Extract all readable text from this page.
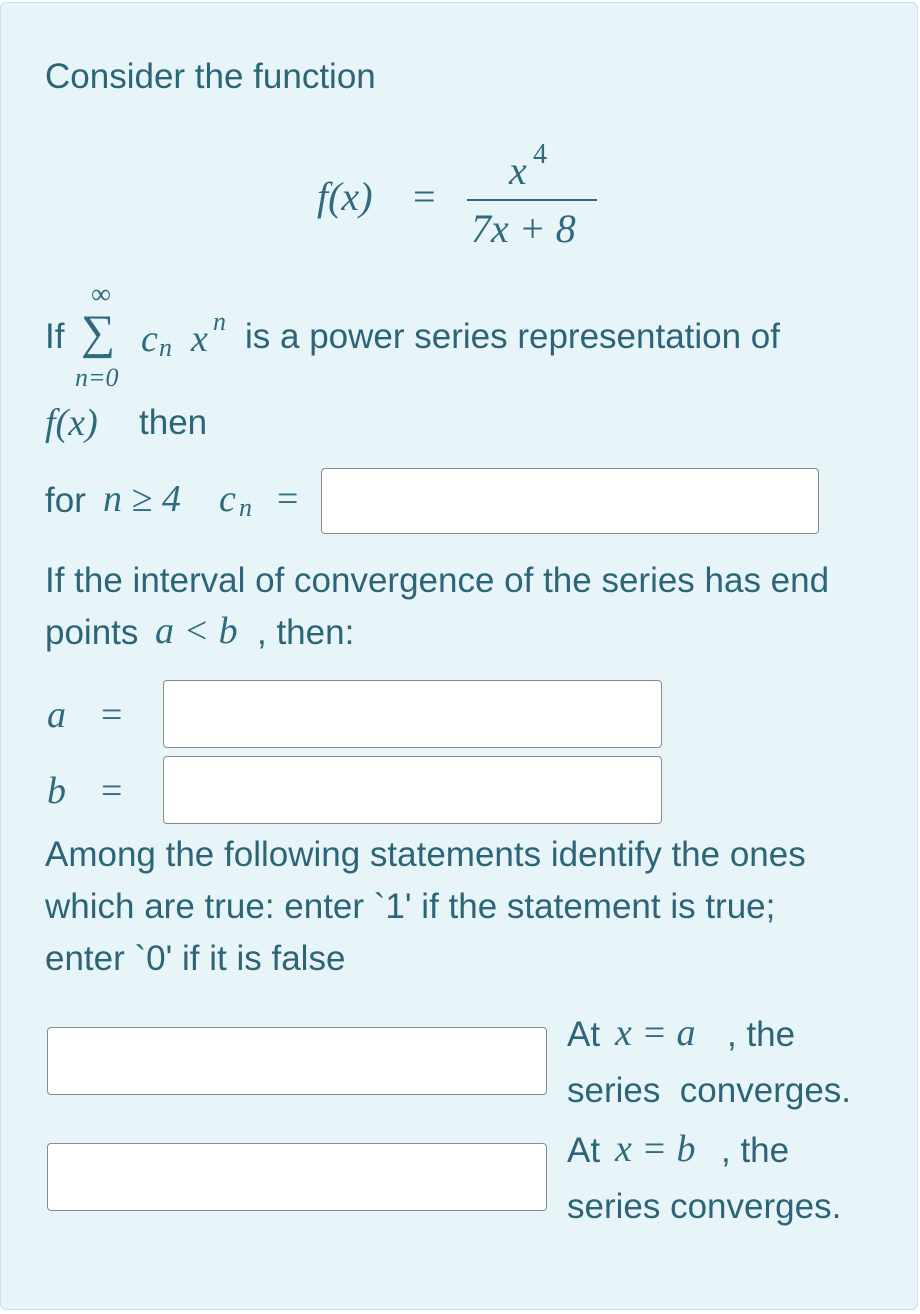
Consider the function
f(x) =
x 4
7x + 8
If
∞
∑
n=0
c n x n is a power series representation of
f(x) then
for n ≥ 4 c n =
If the interval of convergence of the series has end
points a < b , then:
a =
b =
Among the following statements identify the ones
which are true: enter `1' if the statement is true;
enter `0' if it is false
At x = a , the
series  converges.
At x = b , the
series converges.
